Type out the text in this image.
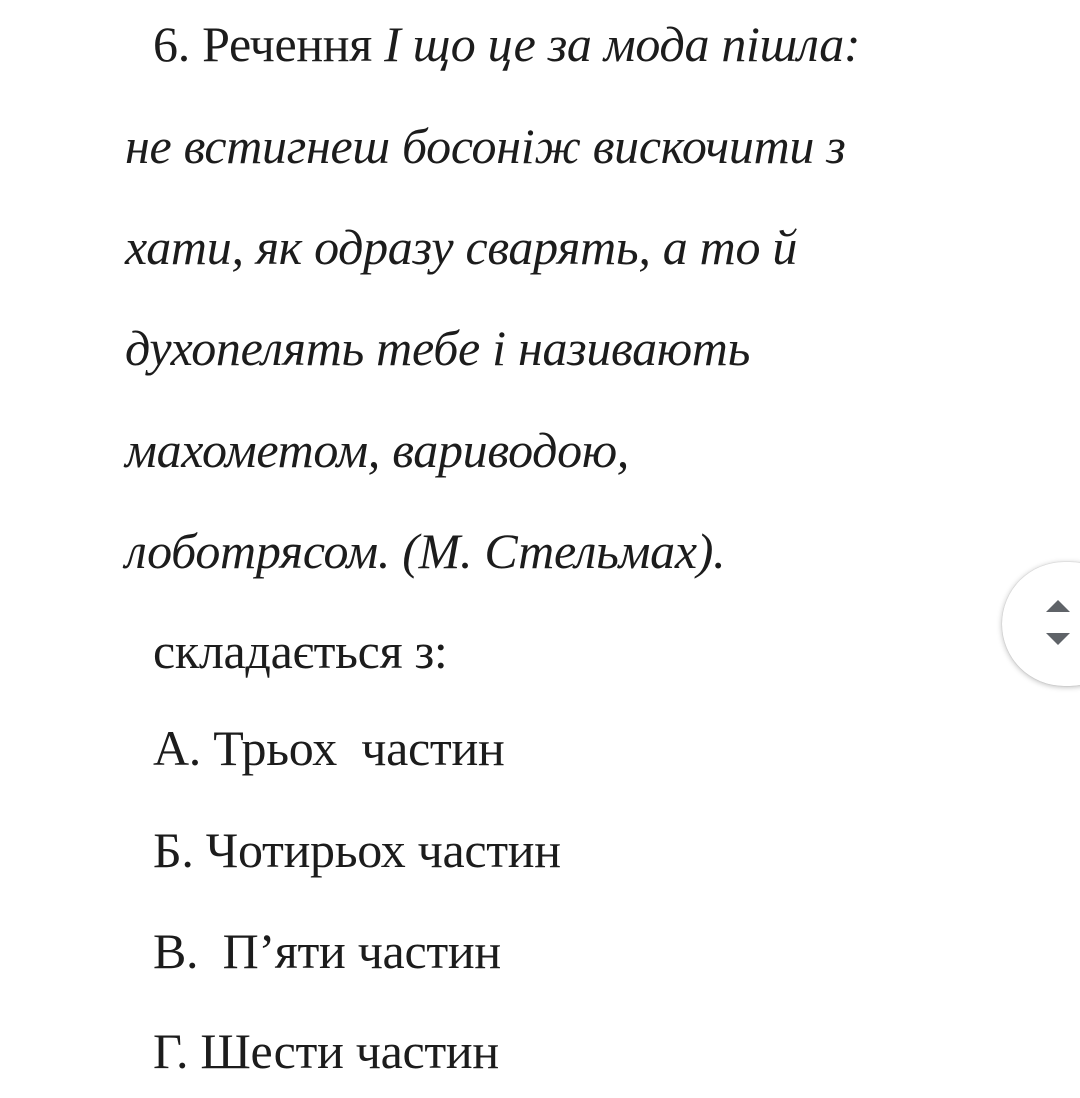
6. Речення І що це за мода пішла:
не встигнеш босоніж вискочити з
хати, як одразу сварять, а то й
духопелять тебе і називають
махометом, вариводою,
лоботрясом. (М. Стельмах).
складається з:
А. Трьох  частин
Б. Чотирьох частин
В.  П’яти частин
Г. Шести частин
